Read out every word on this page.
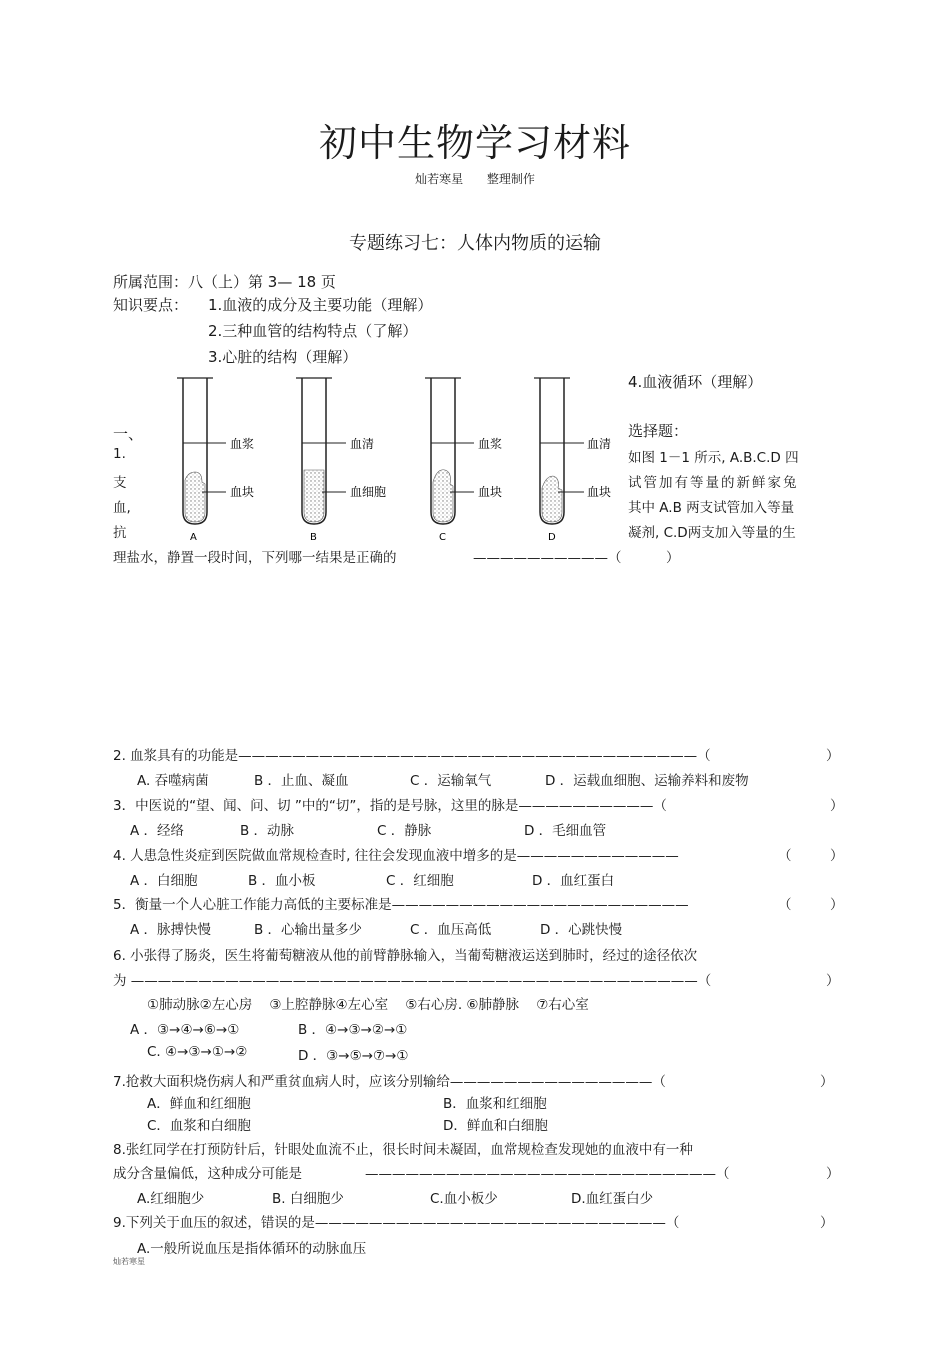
初中生物学习材料
灿若寒星 整理制作
专题练习七：人体内物质的运输
所属范围：八（上）第 3— 18 页
知识要点： 1.血液的成分及主要功能（理解）
2.三种血管的结构特点（了解）
3.心脏的结构（理解）
4.血液循环（理解）
一、	选择题：
1.
支
血,
抗
如图 1－1 所示, A.B.C.D 四
试管加有等量的新鲜家兔
其中 A.B 两支试管加入等量
凝剂, C.D两支加入等量的生
理盐水，静置一段时间，下列哪一结果是正确的	——————————（	）
血浆
血块
A
血清
血细胞
B
血浆
血块
C
血清
血块
D
2. 血浆具有的功能是——————————————————————————————————（	）
A. 吞噬病菌	B ．止血、凝血	C ．运输氧气	D ．运载血细胞、运输养料和废物
3．中医说的“望、闻、问、切 ”中的“切”，指的是号脉，这里的脉是——————————（	）
A ．经络	B ．动脉	C ．静脉	D ．毛细血管
4. 人患急性炎症到医院做血常规检查时, 往往会发现血液中增多的是————————————	（	）
A ．白细胞	B ．血小板	C ．红细胞	D ．血红蛋白
5．衡量一个人心脏工作能力高低的主要标准是——————————————————————	（	）
A ．脉搏快慢	B ．心输出量多少	C ．血压高低	D ．心跳快慢
6. 小张得了肠炎，医生将葡萄糖液从他的前臂静脉输入，当葡萄糖液运送到肺时，经过的途径依次
为 ——————————————————————————————————————————（	）
①肺动脉②左心房    ③上腔静脉④左心室    ⑤右心房. ⑥肺静脉    ⑦右心室
A ．③→④→⑥→①	B ．④→③→②→①
C. ④→③→①→②	D ．③→⑤→⑦→①
7.抢救大面积烧伤病人和严重贫血病人时，应该分别输给———————————————（	）
A．鲜血和红细胞	B．血浆和红细胞
C．血浆和白细胞	D．鲜血和白细胞
8.张红同学在打预防针后，针眼处血流不止，很长时间未凝固，血常规检查发现她的血液中有一种
成分含量偏低，这种成分可能是	——————————————————————————（	）
A.红细胞少	B. 白细胞少	C.血小板少	D.血红蛋白少
9.下列关于血压的叙述，错误的是——————————————————————————（	）
A.一般所说血压是指体循环的动脉血压
灿若寒星
